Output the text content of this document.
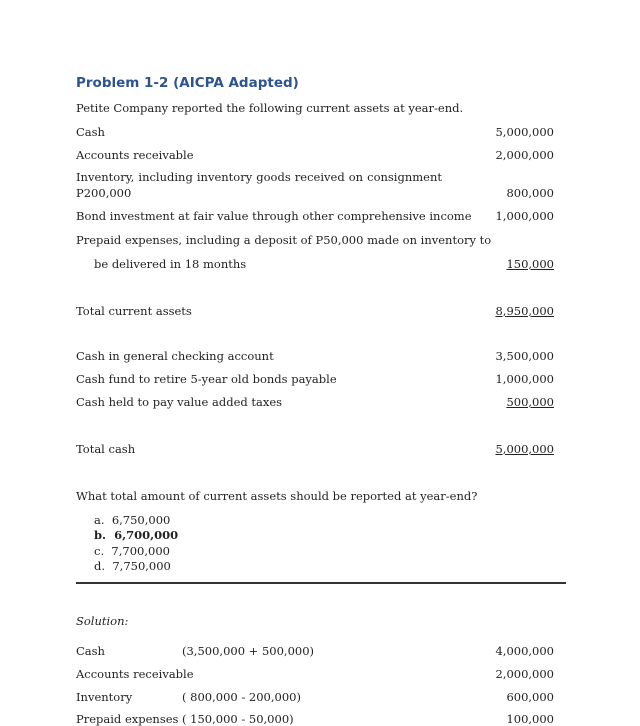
Problem 1-2 (AICPA Adapted)
Petite Company reported the following current assets at year-end.
Cash	5,000,000
Accounts receivable	2,000,000
Inventory, including inventory goods received on consignment
P200,000	800,000
Bond investment at fair value through other comprehensive income	1,000,000
Prepaid expenses, including a deposit of P50,000 made on inventory to
be delivered in 18 months	150,000
Total current assets	8,950,000
Cash in general checking account	3,500,000
Cash fund to retire 5-year old bonds payable	1,000,000
Cash held to pay value added taxes	500,000
Total cash	5,000,000
What total amount of current assets should be reported at year-end?
a. 6,750,000
b. 6,700,000
c. 7,700,000
d. 7,750,000
Solution:
Cash	(3,500,000 + 500,000)	4,000,000
Accounts receivable	2,000,000
Inventory	( 800,000 - 200,000)	600,000
Prepaid expenses ( 150,000 - 50,000)	100,000
